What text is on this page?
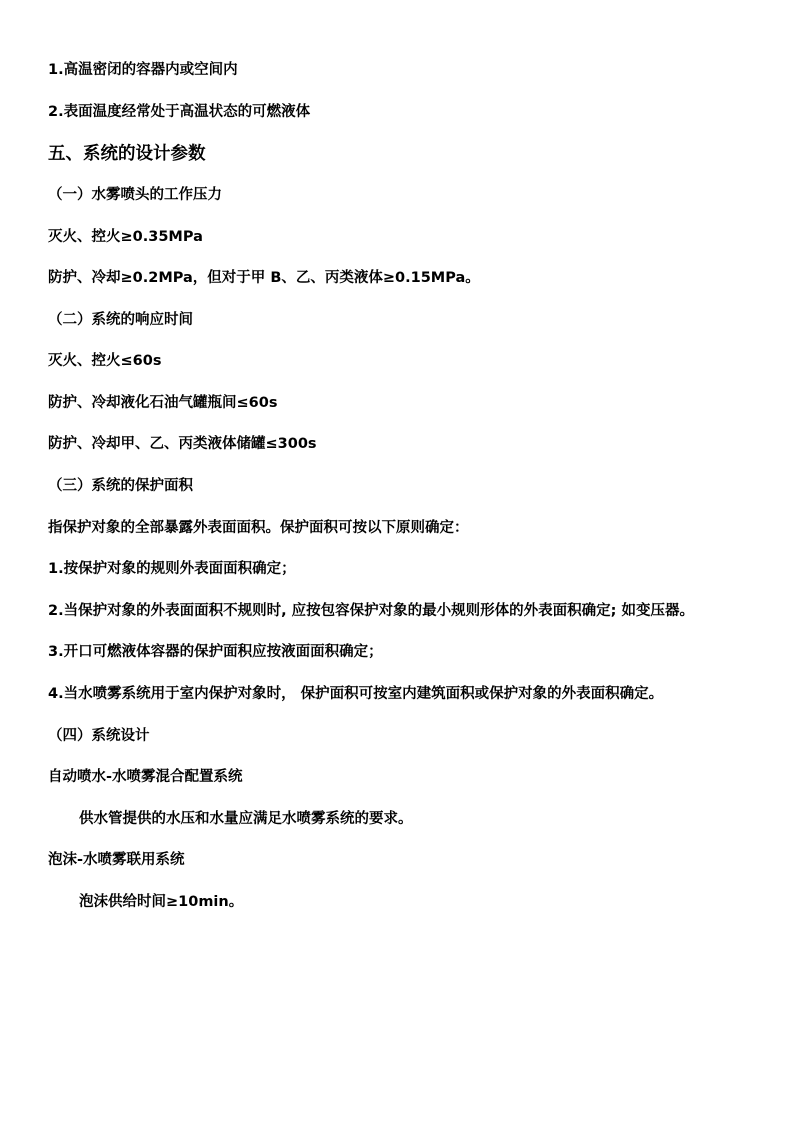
1.高温密闭的容器内或空间内
2.表面温度经常处于高温状态的可燃液体
五、系统的设计参数
（一）水雾喷头的工作压力
灭火、控火≥0.35MPa
防护、冷却≥0.2MPa，但对于甲 B、乙、丙类液体≥0.15MPa。
（二）系统的响应时间
灭火、控火≤60s
防护、冷却液化石油气罐瓶间≤60s
防护、冷却甲、乙、丙类液体储罐≤300s
（三）系统的保护面积
指保护对象的全部暴露外表面面积。保护面积可按以下原则确定：
1.按保护对象的规则外表面面积确定；
2.当保护对象的外表面面积不规则时, 应按包容保护对象的最小规则形体的外表面积确定; 如变压器。
3.开口可燃液体容器的保护面积应按液面面积确定；
4.当水喷雾系统用于室内保护对象时， 保护面积可按室内建筑面积或保护对象的外表面积确定。
（四）系统设计
自动喷水-水喷雾混合配置系统
供水管提供的水压和水量应满足水喷雾系统的要求。
泡沫-水喷雾联用系统
泡沫供给时间≥10min。
